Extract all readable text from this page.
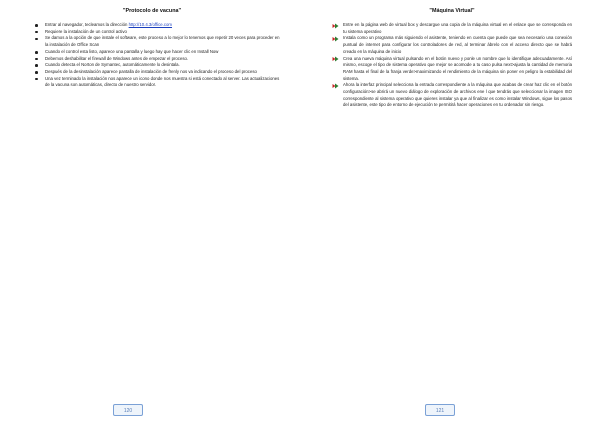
"Protocolo de vacuna"
Entrar al navegador, tecleamos la dirección http://10.4.3/office.com
Requiere la instalación de un control activo
Se damos a la opción de que instale el software, este proceso a lo mejor lo tenemos que repetir 20 veces para proceder en la instalación de Office Scan
Cuando el control esta listo, aparece una pantalla y luego hay que hacer clic en Install Now
Debemos deshabilitar el firewall de Windows antes de empezar el proceso.
Cuando detecta el Norton de Symantec, automáticamente lo desintala.
Después de la desinstalación aparece pantalla de instalación de frenly nos va indicando el proceso del proceso
Una vez terminado la instalación nos aparece un icono donde nos muestra si está conectado al server. Las actualizaciones de la vacuna son automáticas, directo de nuestro servidor.
120
"Máquina Virtual"
Entre en la página web de virtual box y descargue una copia de la máquina virtual en el enlace que se corresponda en tu sistema operativo
Instala como un programa más siguiendo el asistente, teniendo en cuenta que puede que sea necesario una conexión puntual de internet para configurar los controladores de red, al terminar ábrelo con el acceso directo que se habrá creado en la máquina de inicio
Crea una nueva máquina virtual pulsando en el botón nuevo y ponle un nombre que lo identifique adecuadamente. Así mismo, escoge el tipo de sistema operativo que mejor se acomode a tu caso pulsa next>ajusta la cantidad de memoria RAM hasta el final de la franja verde>maximizando el rendimiento de la máquina sin poner en peligro la estabilidad del sistema.
Ahora la interfaz principal selecciona la entrada correspondiente a la máquina que acabas de crear haz clic en el botón configuración>se abrirá un nuevo diálogo de exploración de archivos ene l que tendrás que seleccionar la imagen ISO correspondiente al sistema operativo que quieres instalar ya que al finalizar es como instalar Windows, sigue los pasos del asistente, este tipo de entorno de ejecución te permitirá hacer operaciones en tu ordenador sin riesgo.
121
